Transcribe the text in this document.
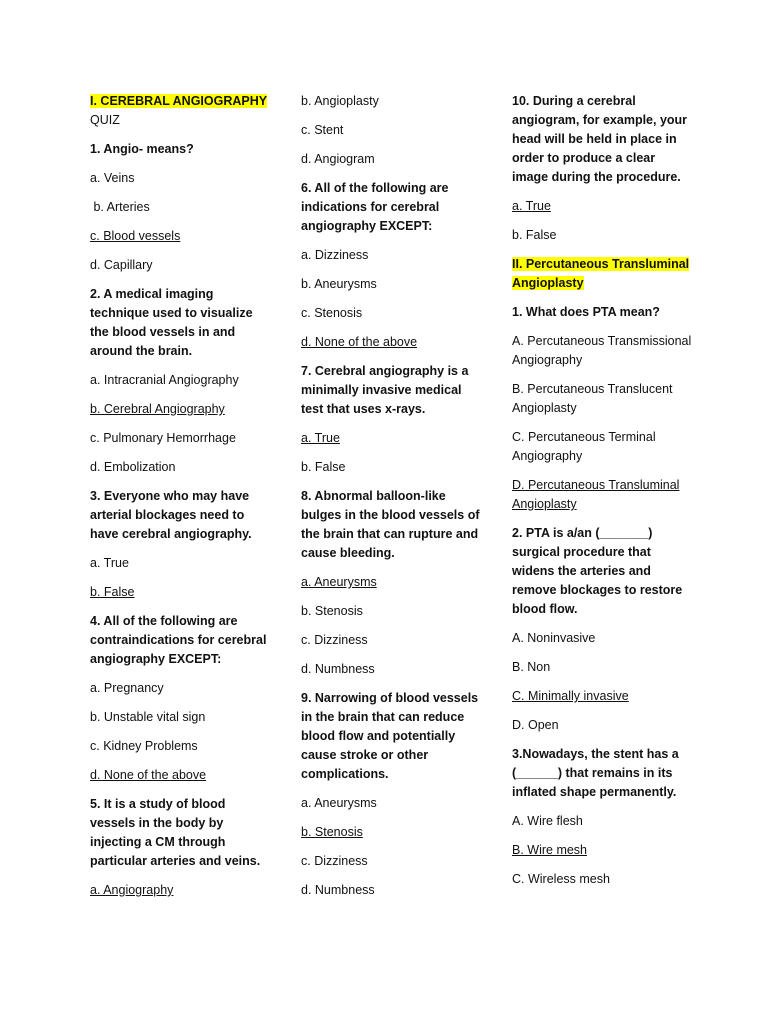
I. CEREBRAL ANGIOGRAPHY
QUIZ
1. Angio- means?
a. Veins
b. Arteries
c. Blood vessels
d. Capillary
2. A medical imaging technique used to visualize the blood vessels in and around the brain.
a. Intracranial Angiography
b. Cerebral Angiography
c. Pulmonary Hemorrhage
d. Embolization
3. Everyone who may have arterial blockages need to have cerebral angiography.
a. True
b. False
4. All of the following are contraindications for cerebral angiography EXCEPT:
a. Pregnancy
b. Unstable vital sign
c. Kidney Problems
d. None of the above
5. It is a study of blood vessels in the body by injecting a CM through particular arteries and veins.
a. Angiography
b. Angioplasty
c. Stent
d. Angiogram
6. All of the following are indications for cerebral angiography EXCEPT:
a. Dizziness
b. Aneurysms
c. Stenosis
d. None of the above
7. Cerebral angiography is a minimally invasive medical test that uses x-rays.
a. True
b. False
8. Abnormal balloon-like bulges in the blood vessels of the brain that can rupture and cause bleeding.
a. Aneurysms
b. Stenosis
c. Dizziness
d. Numbness
9. Narrowing of blood vessels in the brain that can reduce blood flow and potentially cause stroke or other complications.
a. Aneurysms
b. Stenosis
c. Dizziness
d. Numbness
10. During a cerebral angiogram, for example, your head will be held in place in order to produce a clear image during the procedure.
a. True
b. False
II. Percutaneous Transluminal Angioplasty
1. What does PTA mean?
A. Percutaneous Transmissional Angiography
B. Percutaneous Translucent Angioplasty
C. Percutaneous Terminal Angiography
D. Percutaneous Transluminal Angioplasty
2. PTA is a/an (_______) surgical procedure that widens the arteries and remove blockages to restore blood flow.
A. Noninvasive
B. Non
C. Minimally invasive
D. Open
3.Nowadays, the stent has a (______) that remains in its inflated shape permanently.
A. Wire flesh
B. Wire mesh
C. Wireless mesh
